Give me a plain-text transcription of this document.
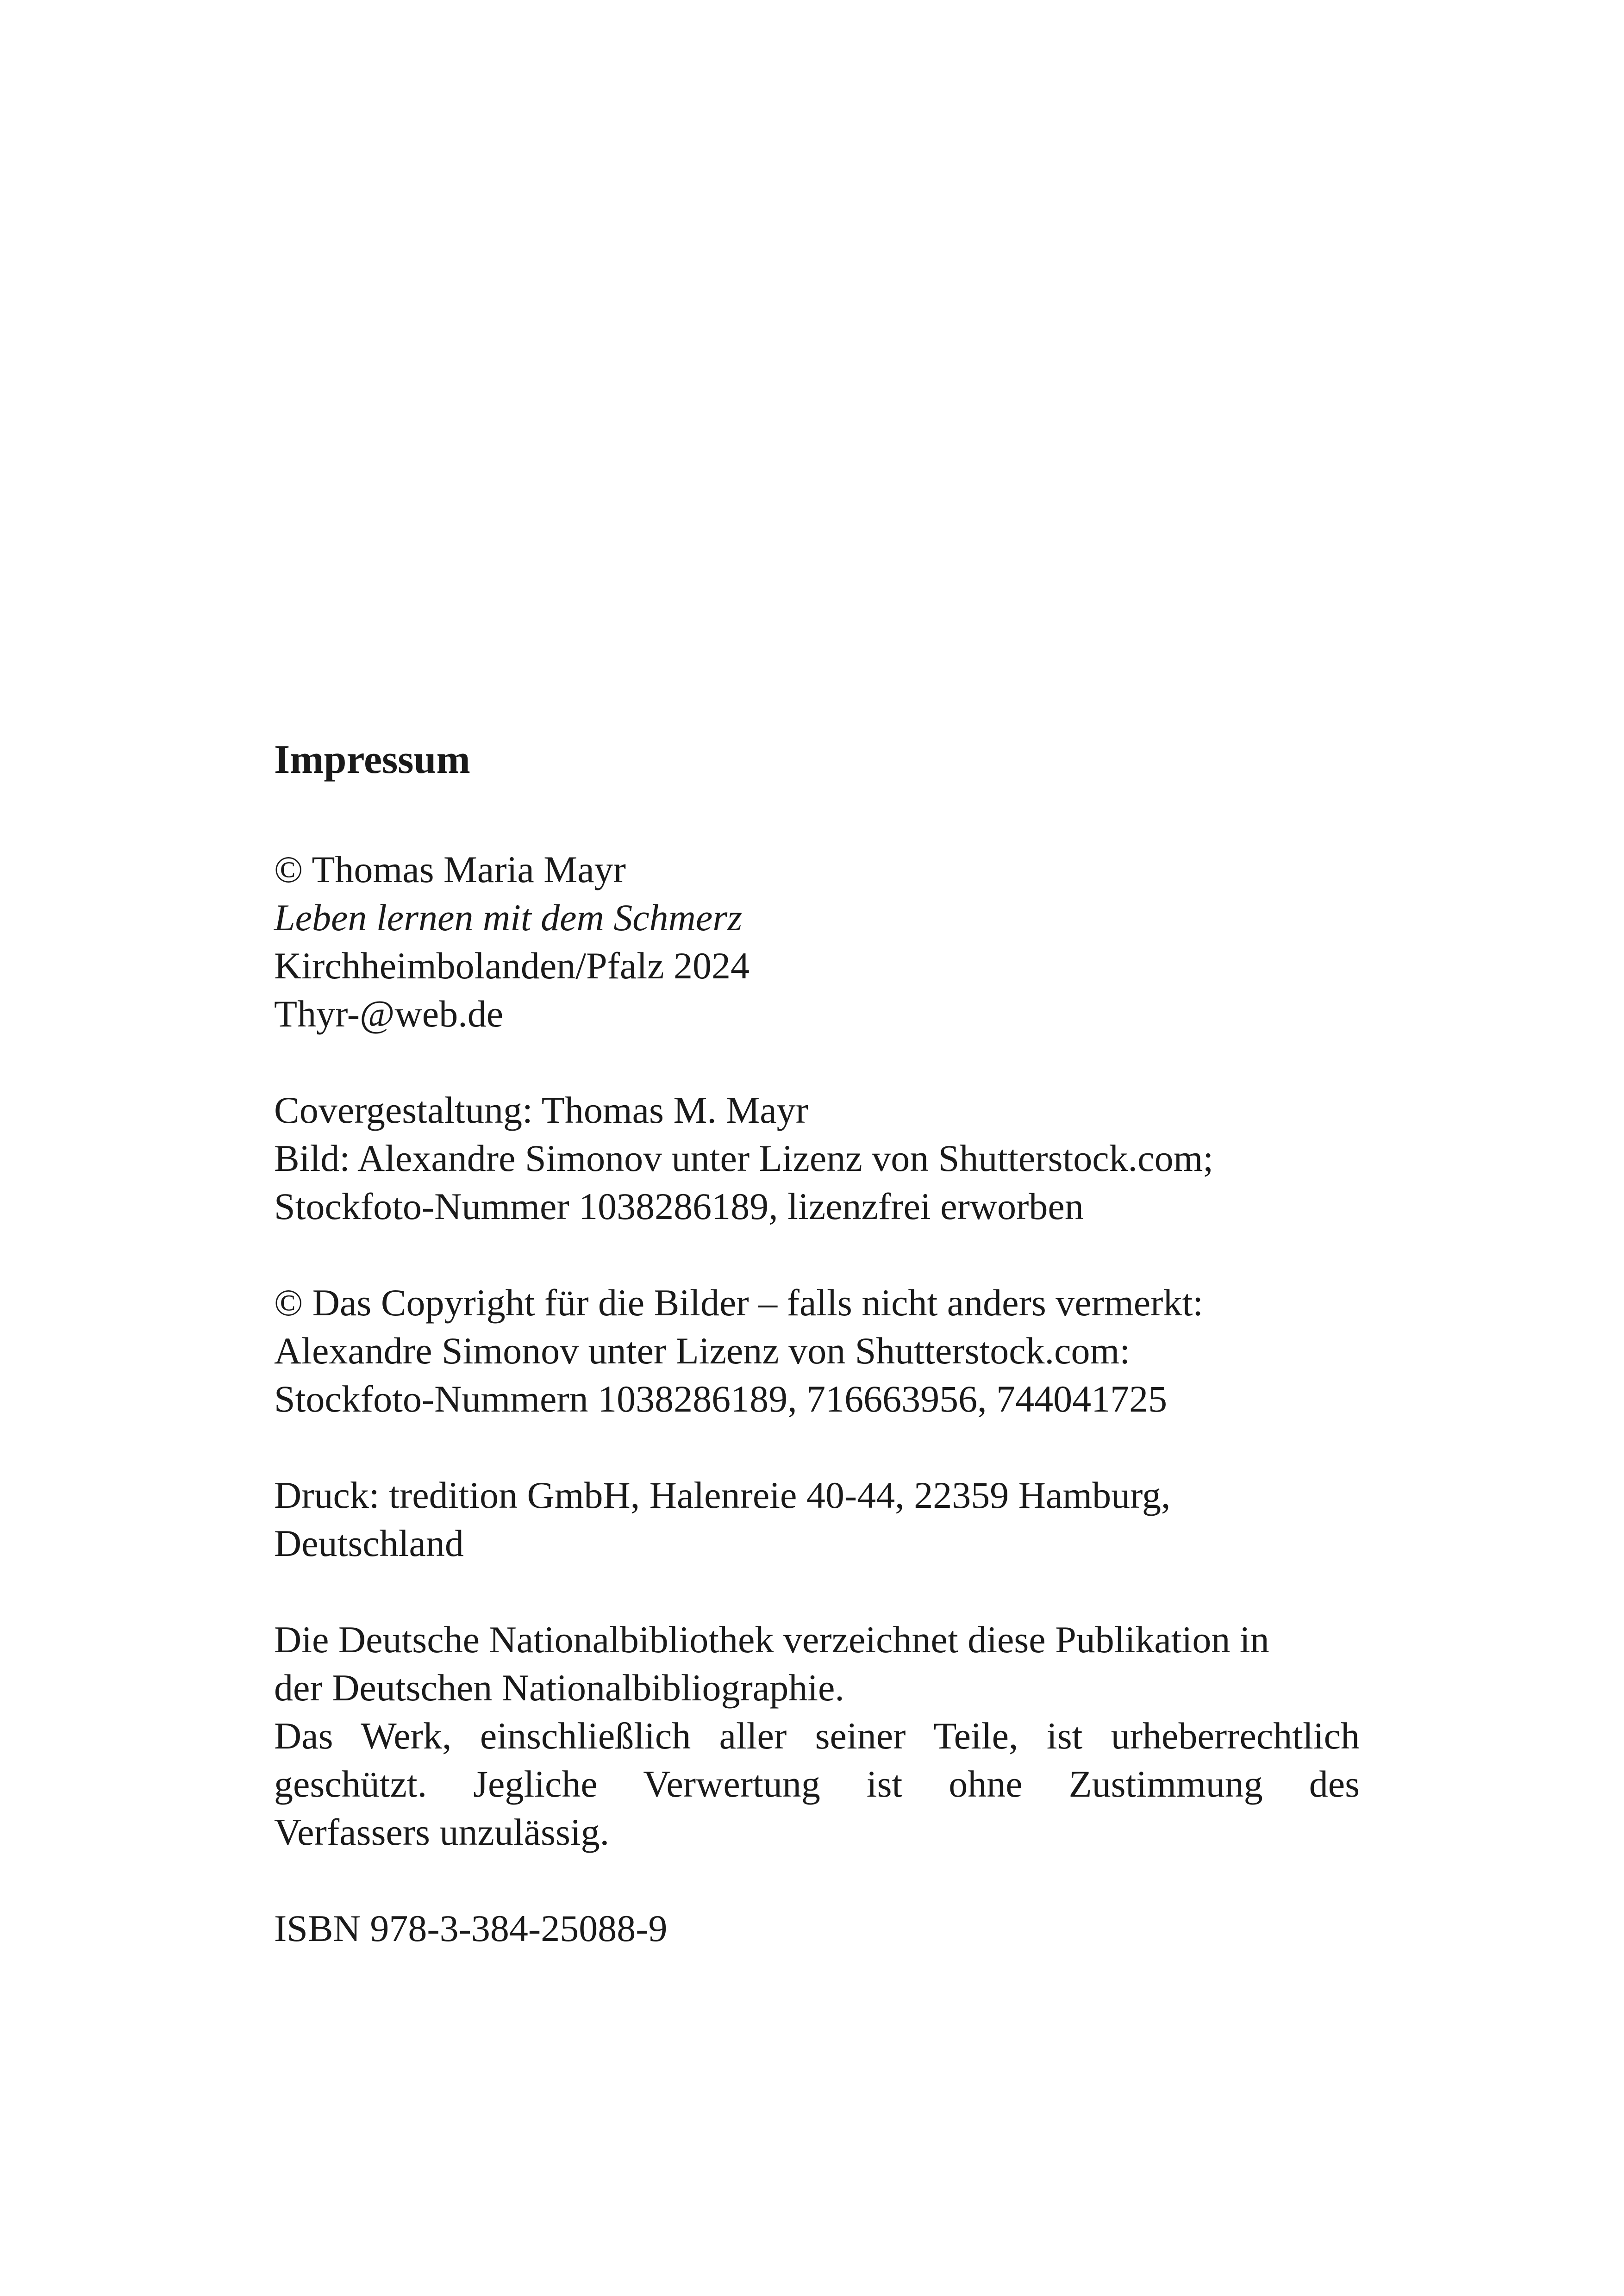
Impressum
© Thomas Maria Mayr
Leben lernen mit dem Schmerz
Kirchheimbolanden/Pfalz 2024
Thyr-@web.de
Covergestaltung: Thomas M. Mayr
Bild: Alexandre Simonov unter Lizenz von Shutterstock.com;
Stockfoto-Nummer 1038286189, lizenzfrei erworben
© Das Copyright für die Bilder – falls nicht anders vermerkt:
Alexandre Simonov unter Lizenz von Shutterstock.com:
Stockfoto-Nummern 1038286189, 716663956, 744041725
Druck: tredition GmbH, Halenreie 40-44, 22359 Hamburg,
Deutschland
Die Deutsche Nationalbibliothek verzeichnet diese Publikation in
der Deutschen Nationalbibliographie.
Das Werk, einschließlich aller seiner Teile, ist urheberrechtlich
geschützt. Jegliche Verwertung ist ohne Zustimmung des
Verfassers unzulässig.
ISBN 978-3-384-25088-9
